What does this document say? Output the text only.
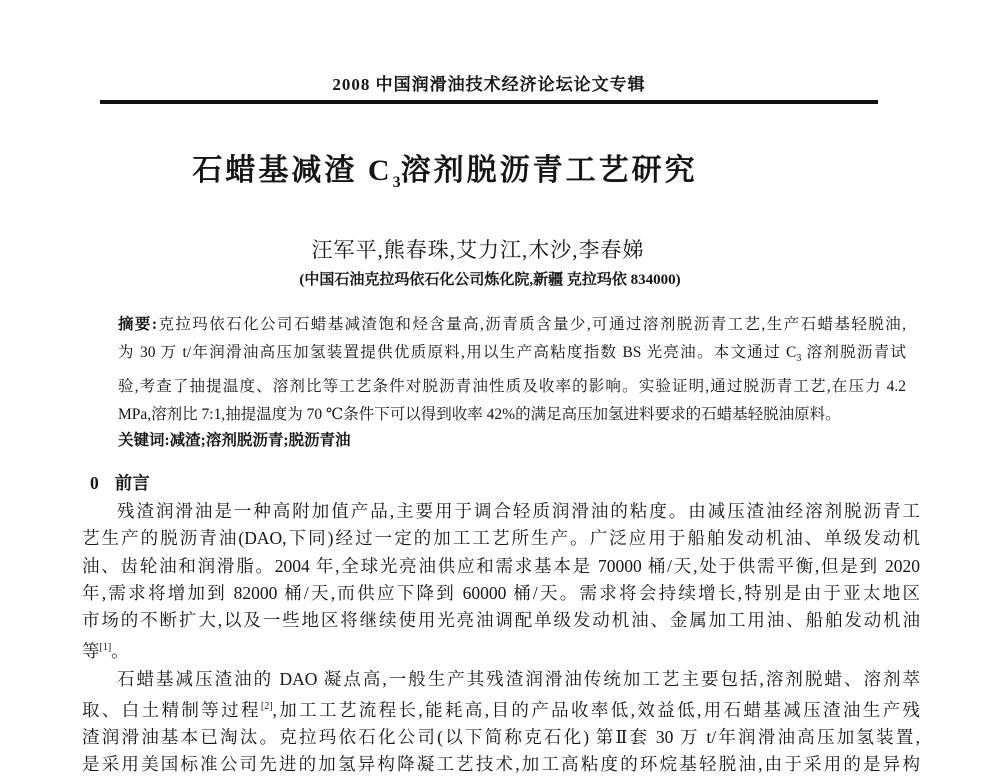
2008 中国润滑油技术经济论坛论文专辑
石蜡基减渣 $C_3$溶剂脱沥青工艺研究
汪军平,熊春珠,艾力江,木沙,李春娣
(中国石油克拉玛依石化公司炼化院,新疆 克拉玛依 834000)
摘要:克拉玛依石化公司石蜡基减渣饱和烃含量高,沥青质含量少,可通过溶剂脱沥青工艺,生产石蜡基轻脱油,
为 30 万 t/年润滑油高压加氢装置提供优质原料,用以生产高粘度指数 BS 光亮油。本文通过 $C_3$ 溶剂脱沥青试
验,考查了抽提温度、溶剂比等工艺条件对脱沥青油性质及收率的影响。实验证明,通过脱沥青工艺,在压力 4.2
MPa,溶剂比 7:1,抽提温度为 70 ℃条件下可以得到收率 42%的满足高压加氢进料要求的石蜡基轻脱油原料。
关键词:减渣;溶剂脱沥青;脱沥青油
0 前言
残渣润滑油是一种高附加值产品,主要用于调合轻质润滑油的粘度。由减压渣油经溶剂脱沥青工
艺生产的脱沥青油(DAO,下同)经过一定的加工工艺所生产。广泛应用于船舶发动机油、单级发动机
油、齿轮油和润滑脂。2004 年,全球光亮油供应和需求基本是 70000 桶/天,处于供需平衡,但是到 2020
年,需求将增加到 82000 桶/天,而供应下降到 60000 桶/天。需求将会持续增长,特别是由于亚太地区
市场的不断扩大,以及一些地区将继续使用光亮油调配单级发动机油、金属加工用油、船舶发动机油
等[1]。
石蜡基减压渣油的 DAO 凝点高,一般生产其残渣润滑油传统加工艺主要包括,溶剂脱蜡、溶剂萃
取、白土精制等过程[2],加工工艺流程长,能耗高,目的产品收率低,效益低,用石蜡基减压渣油生产残
渣润滑油基本已淘汰。克拉玛依石化公司(以下简称克石化) 第Ⅱ套 30 万 t/年润滑油高压加氢装置,
是采用美国标准公司先进的加氢异构降凝工艺技术,加工高粘度的环烷基轻脱油,由于采用的是异构
